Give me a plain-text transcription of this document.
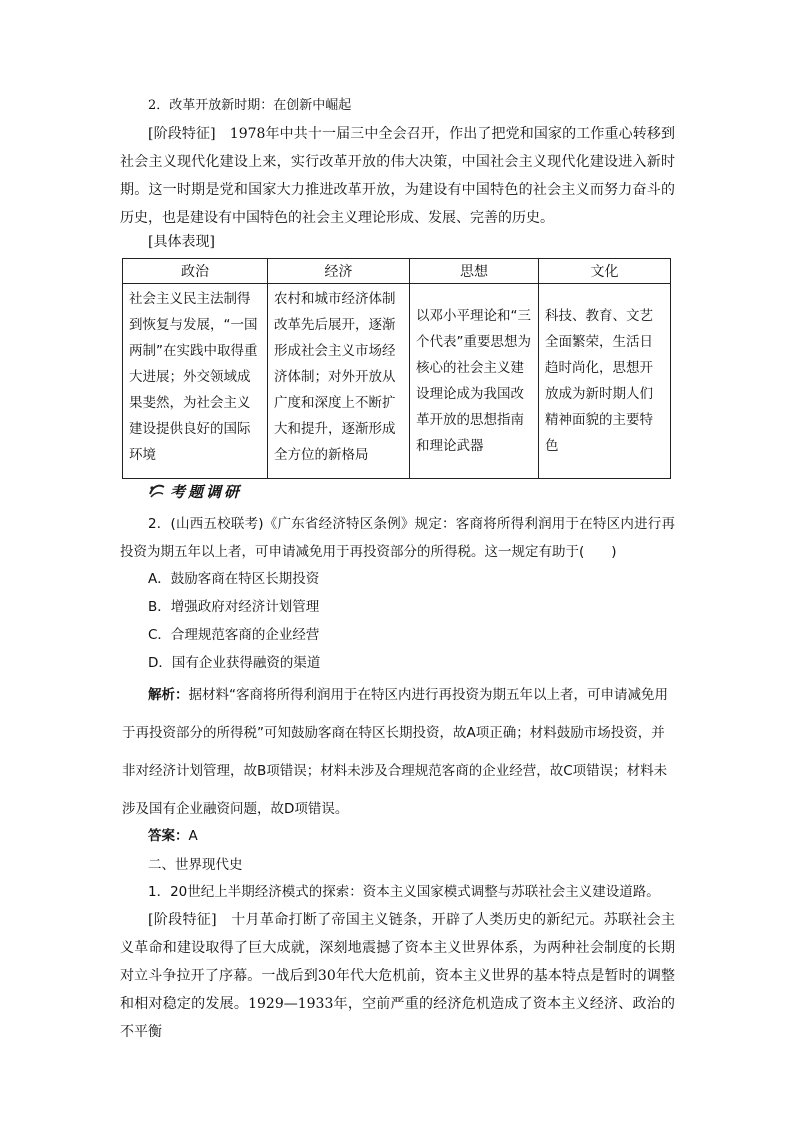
2．改革开放新时期：在创新中崛起

[阶段特征]　 1978年中共十一届三中全会召开，作出了把党和国家的工作重心转移到社会主义现代化建设上来，实行改革开放的伟大决策，中国社会主义现代化建设进入新时期。这一时期是党和国家大力推进改革开放，为建设有中国特色的社会主义而努力奋斗的历史，也是建设有中国特色的社会主义理论形成、发展、完善的历史。

[具体表现]
政治	经济	思想	文化
社会主义民主法制得到恢复与发展，“一国两制”在实践中取得重大进展；外交领域成果斐然，为社会主义建设提供良好的国际环境	农村和城市经济体制改革先后展开，逐渐形成社会主义市场经济体制；对外开放从广度和深度上不断扩大和提升，逐渐形成全方位的新格局	以邓小平理论和“三个代表”重要思想为核心的社会主义建设理论成为我国改革开放的思想指南和理论武器	科技、教育、文艺全面繁荣，生活日趋时尚化，思想开放成为新时期人们精神面貌的主要特色
考题调研

2．(山西五校联考)《广东省经济特区条例》规定：客商将所得利润用于在特区内进行再投资为期五年以上者，可申请减免用于再投资部分的所得税。这一规定有助于(　　)

A．鼓励客商在特区长期投资
B．增强政府对经济计划管理
C．合理规范客商的企业经营
D．国有企业获得融资的渠道

解析：据材料“客商将所得利润用于在特区内进行再投资为期五年以上者，可申请减免用于再投资部分的所得税”可知鼓励客商在特区长期投资，故A项正确；材料鼓励市场投资，并非对经济计划管理，故B项错误；材料未涉及合理规范客商的企业经营，故C项错误；材料未涉及国有企业融资问题，故D项错误。

答案：A
二、世界现代史
1．20世纪上半期经济模式的探索：资本主义国家模式调整与苏联社会主义建设道路。

[阶段特征]　 十月革命打断了帝国主义链条，开辟了人类历史的新纪元。苏联社会主义革命和建设取得了巨大成就，深刻地震撼了资本主义世界体系，为两种社会制度的长期对立斗争拉开了序幕。一战后到30年代大危机前，资本主义世界的基本特点是暂时的调整和相对稳定的发展。1929—1933年，空前严重的经济危机造成了资本主义经济、政治的不平衡
